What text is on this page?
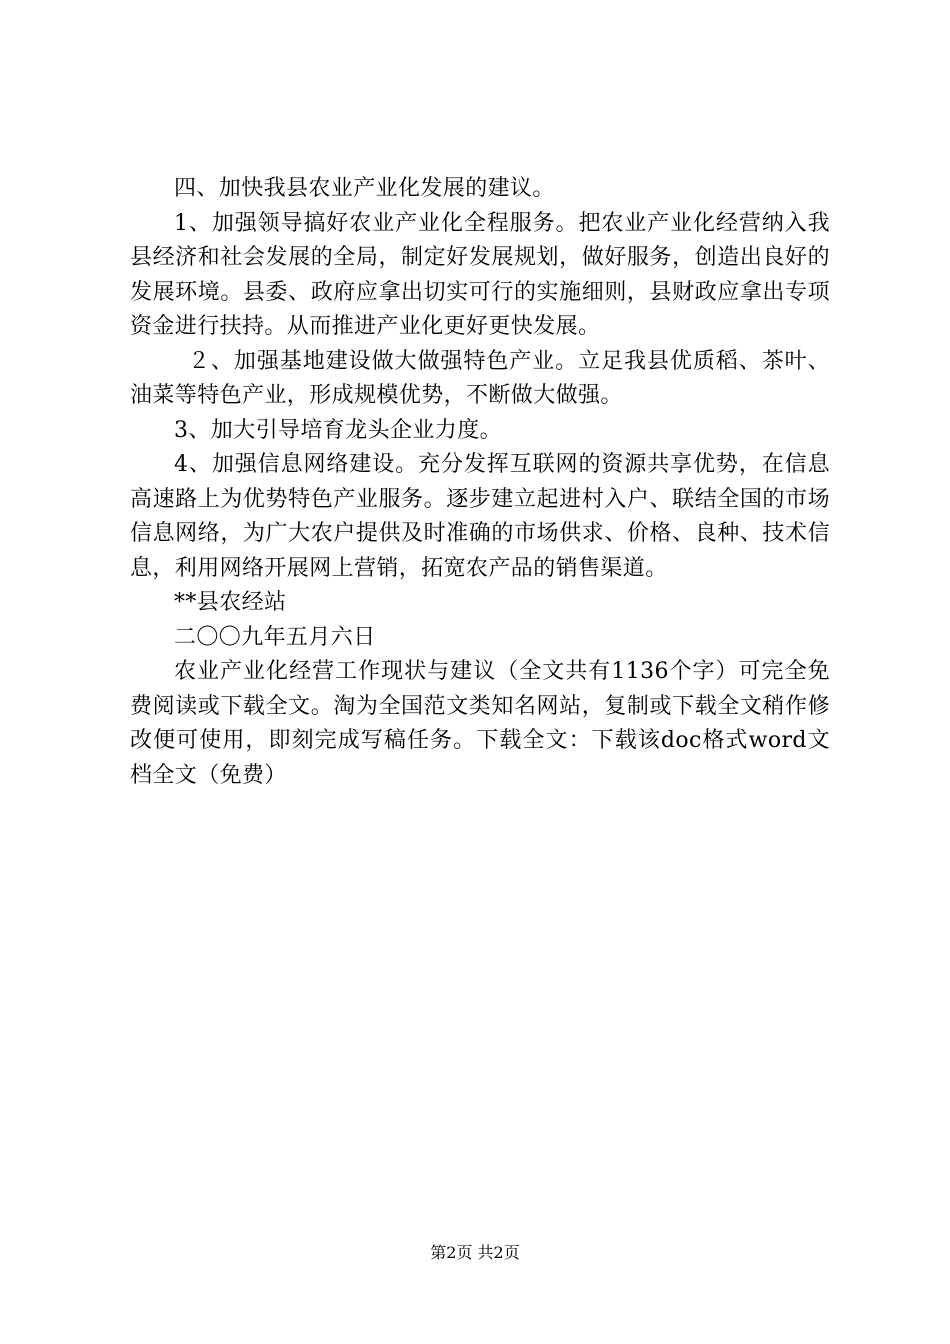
四、加快我县农业产业化发展的建议。

1、加强领导搞好农业产业化全程服务。把农业产业化经营纳入我县经济和社会发展的全局，制定好发展规划，做好服务，创造出良好的发展环境。县委、政府应拿出切实可行的实施细则，县财政应拿出专项资金进行扶持。从而推进产业化更好更快发展。

２、加强基地建设做大做强特色产业。立足我县优质稻、茶叶、油菜等特色产业，形成规模优势，不断做大做强。

3、加大引导培育龙头企业力度。

4、加强信息网络建设。充分发挥互联网的资源共享优势，在信息高速路上为优势特色产业服务。逐步建立起进村入户、联结全国的市场信息网络，为广大农户提供及时准确的市场供求、价格、良种、技术信息，利用网络开展网上营销，拓宽农产品的销售渠道。

**县农经站

二〇〇九年五月六日

农业产业化经营工作现状与建议（全文共有1136个字）可完全免费阅读或下载全文。淘为全国范文类知名网站，复制或下载全文稍作修改便可使用，即刻完成写稿任务。下载全文：下载该doc格式word文档全文（免费）

第2页 共2页
